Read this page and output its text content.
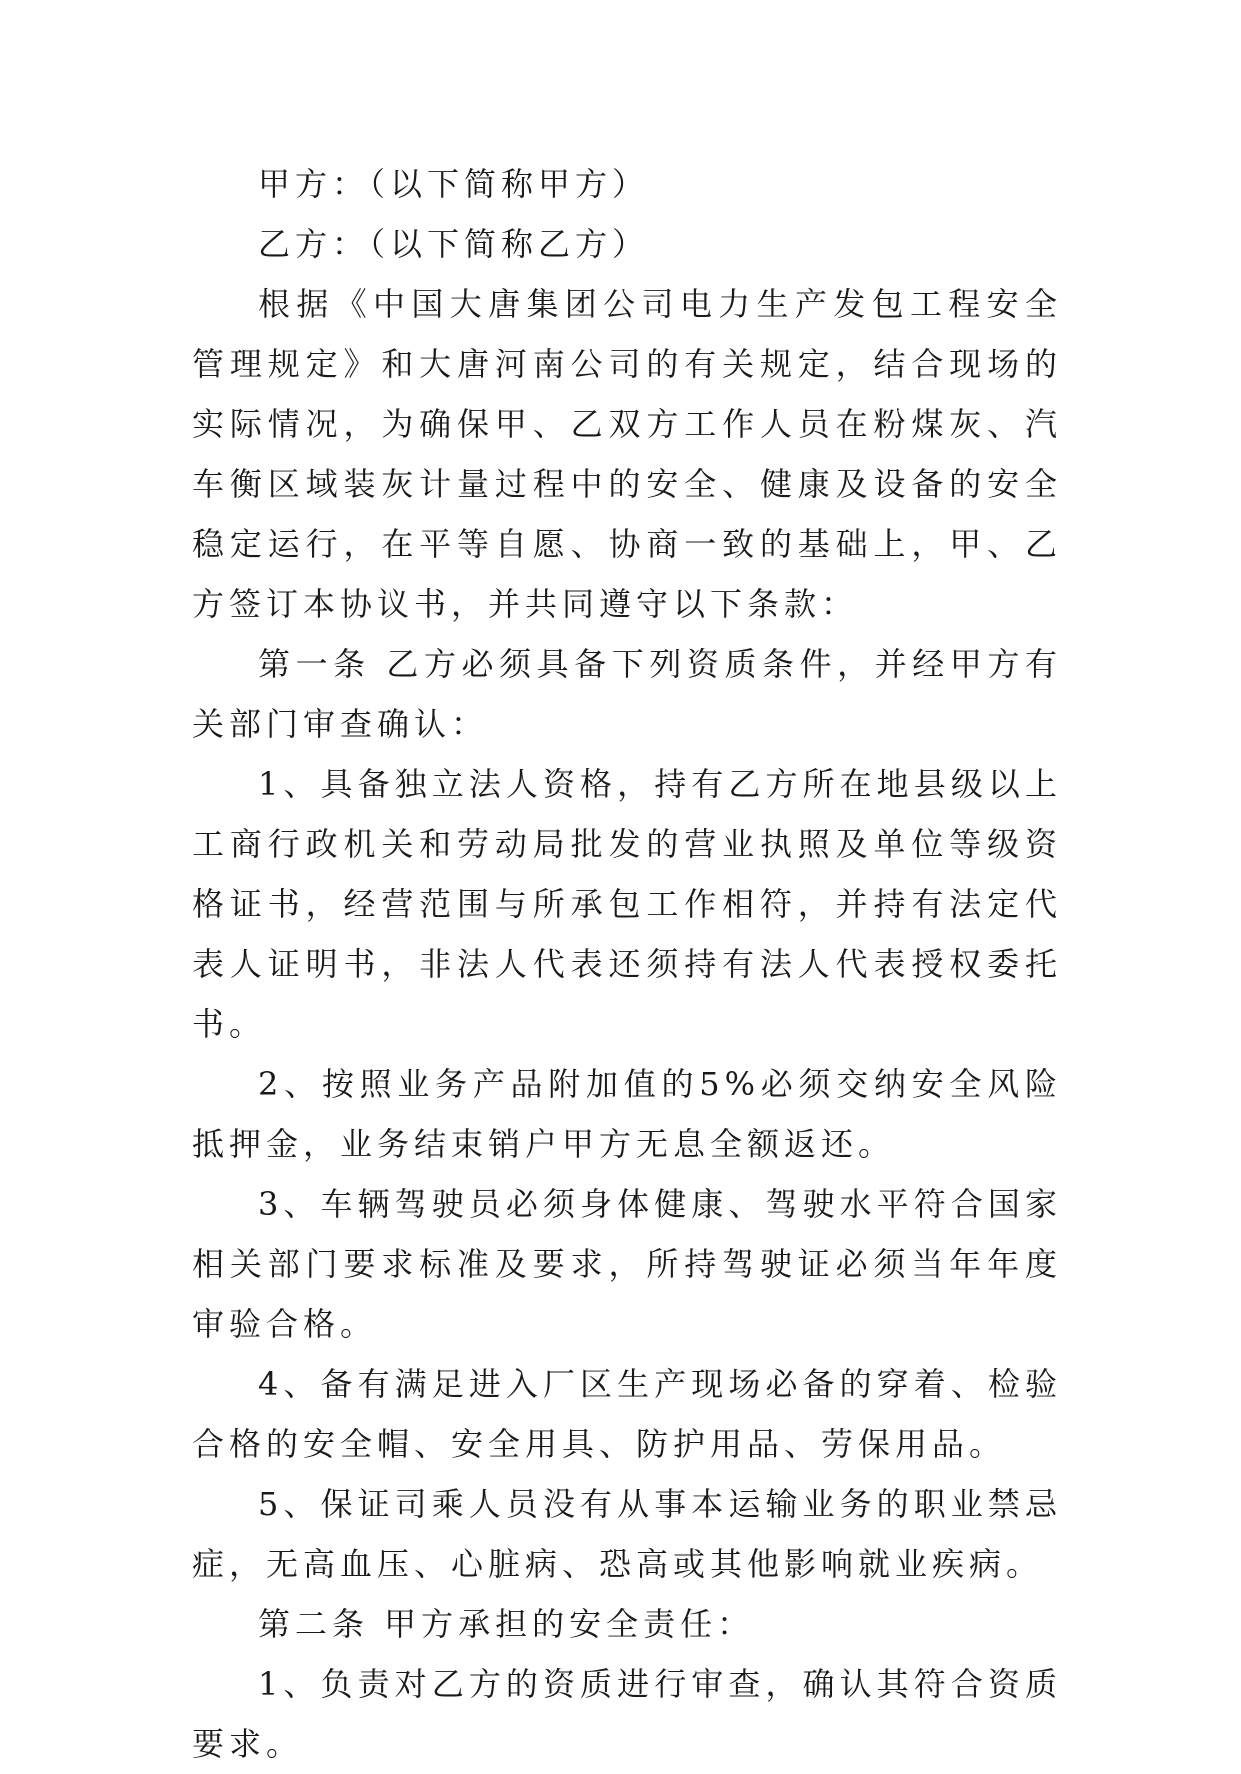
甲方：（以下简称甲方）

乙方：（以下简称乙方）

根据《中国大唐集团公司电力生产发包工程安全管理规定》和大唐河南公司的有关规定，结合现场的实际情况，为确保甲、乙双方工作人员在粉煤灰、汽车衡区域装灰计量过程中的安全、健康及设备的安全稳定运行，在平等自愿、协商一致的基础上，甲、乙方签订本协议书，并共同遵守以下条款：

第一条 乙方必须具备下列资质条件，并经甲方有关部门审查确认：

1、具备独立法人资格，持有乙方所在地县级以上工商行政机关和劳动局批发的营业执照及单位等级资格证书，经营范围与所承包工作相符，并持有法定代表人证明书，非法人代表还须持有法人代表授权委托书。

2、按照业务产品附加值的5%必须交纳安全风险抵押金，业务结束销户甲方无息全额返还。

3、车辆驾驶员必须身体健康、驾驶水平符合国家相关部门要求标准及要求，所持驾驶证必须当年年度审验合格。

4、备有满足进入厂区生产现场必备的穿着、检验合格的安全帽、安全用具、防护用品、劳保用品。

5、保证司乘人员没有从事本运输业务的职业禁忌症，无高血压、心脏病、恐高或其他影响就业疾病。

第二条 甲方承担的安全责任：

1、负责对乙方的资质进行审查，确认其符合资质要求。
